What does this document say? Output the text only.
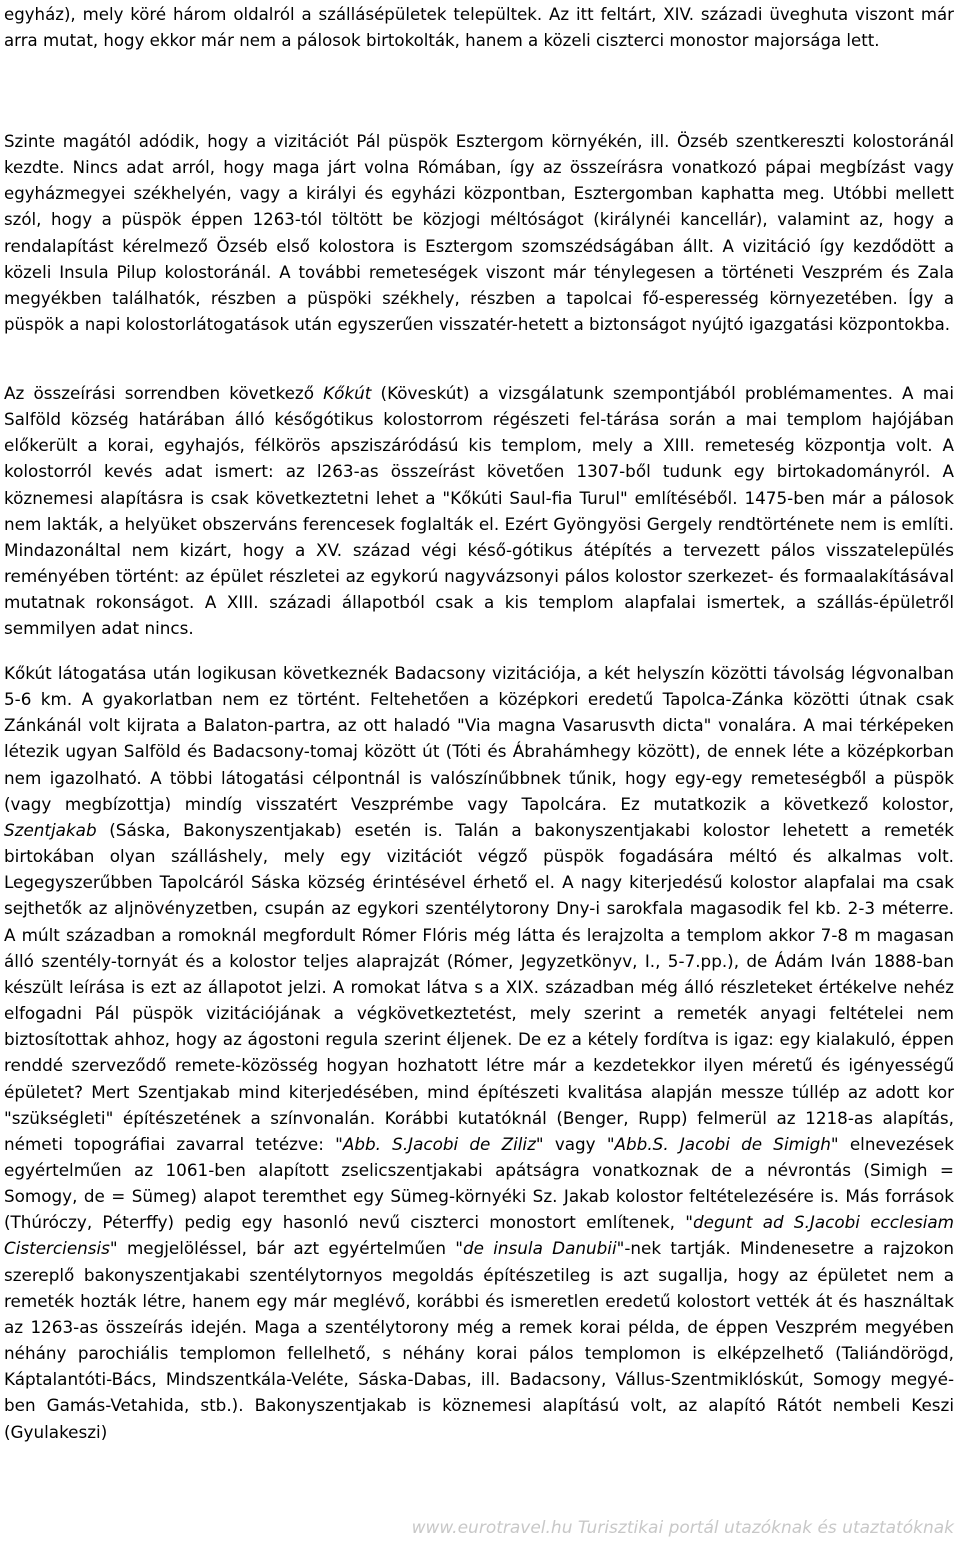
egyház), mely köré három oldalról a szállásépületek települtek. Az itt feltárt, XIV. századi üveghuta viszont már arra mutat, hogy ekkor már nem a pálosok birtokolták, hanem a közeli ciszterci monostor majorsága lett.

Szinte magától adódik, hogy a vizitációt Pál püspök Esztergom környékén, ill. Özséb szentkereszti kolostoránál kezdte. Nincs adat arról, hogy maga járt volna Rómában, így az összeírásra vonatkozó pápai megbízást vagy egyházmegyei székhelyén, vagy a királyi és egyházi központban, Esztergomban kaphatta meg. Utóbbi mellett szól, hogy a püspök éppen 1263-tól töltött be közjogi méltóságot (királynéi kancellár), valamint az, hogy a rendalapítást kérelmező Özséb első kolostora is Esztergom szomszédságában állt. A vizitáció így kezdődött a közeli Insula Pilup kolostoránál. A további remeteségek viszont már ténylegesen a történeti Veszprém és Zala megyékben találhatók, részben a püspöki székhely, részben a tapolcai fő-esperesség környezetében. Így a püspök a napi kolostorlátogatások után egyszerűen visszatér-hetett a biztonságot nyújtó igazgatási központokba.

Az összeírási sorrendben következő Kőkút (Köveskút) a vizsgálatunk szempontjából problémamentes. A mai Salföld község határában álló későgótikus kolostorrom régészeti fel-tárása során a mai templom hajójában előkerült a korai, egyhajós, félkörös apsziszáródású kis templom, mely a XIII. remeteség központja volt. A kolostorról kevés adat ismert: az l263-as összeírást követően 1307-ből tudunk egy birtokadományról. A köznemesi alapításra is csak következtetni lehet a "Kőkúti Saul-fia Turul" említéséből. 1475-ben már a pálosok nem lakták, a helyüket obszerváns ferencesek foglalták el. Ezért Gyöngyösi Gergely rendtörténete nem is említi. Mindazonáltal nem kizárt, hogy a XV. század végi késő-gótikus átépítés a tervezett pálos visszatelepülés reményében történt: az épület részletei az egykorú nagyvázsonyi pálos kolostor szerkezet- és formaalakításával mutatnak rokonságot. A XIII. századi állapotból csak a kis templom alapfalai ismertek, a szállás-épületről semmilyen adat nincs.

Kőkút látogatása után logikusan következnék Badacsony vizitációja, a két helyszín közötti távolság légvonalban 5-6 km. A gyakorlatban nem ez történt. Feltehetően a középkori eredetű Tapolca-Zánka közötti útnak csak Zánkánál volt kijrata a Balaton-partra, az ott haladó "Via magna Vasarusvth dicta" vonalára. A mai térképeken létezik ugyan Salföld és Badacsony-tomaj között út (Tóti és Ábrahámhegy között), de ennek léte a középkorban nem igazolható. A többi látogatási célpontnál is valószínűbbnek tűnik, hogy egy-egy remeteségből a püspök (vagy megbízottja) mindíg visszatért Veszprémbe vagy Tapolcára. Ez mutatkozik a következő kolostor, Szentjakab (Sáska, Bakonyszentjakab) esetén is. Talán a bakonyszentjakabi kolostor lehetett a remeték birtokában olyan szálláshely, mely egy vizitációt végző püspök fogadására méltó és alkalmas volt. Legegyszerűbben Tapolcáról Sáska község érintésével érhető el. A nagy kiterjedésű kolostor alapfalai ma csak sejthetők az aljnövényzetben, csupán az egykori szentélytorony Dny-i sarokfala magasodik fel kb. 2-3 méterre. A múlt században a romoknál megfordult Rómer Flóris még látta és lerajzolta a templom akkor 7-8 m magasan álló szentély-tornyát és a kolostor teljes alaprajzát (Rómer, Jegyzetkönyv, I., 5-7.pp.), de Ádám Iván 1888-ban készült leírása is ezt az állapotot jelzi. A romokat látva s a XIX. században még álló részleteket értékelve nehéz elfogadni Pál püspök vizitációjának a végkövetkeztetést, mely szerint a remeték anyagi feltételei nem biztosítottak ahhoz, hogy az ágostoni regula szerint éljenek. De ez a kétely fordítva is igaz: egy kialakuló, éppen renddé szerveződő remete-közösség hogyan hozhatott létre már a kezdetekkor ilyen méretű és igényességű épületet? Mert Szentjakab mind kiterjedésében, mind építészeti kvalitása alapján messze túllép az adott kor "szükségleti" építészetének a színvonalán. Korábbi kutatóknál (Benger, Rupp) felmerül az 1218-as alapítás, németi topográfiai zavarral tetézve: "Abb. S.Jacobi de Ziliz" vagy "Abb.S. Jacobi de Simigh" elnevezések egyértelműen az 1061-ben alapított zselicszentjakabi apátságra vonatkoznak de a névrontás (Simigh = Somogy, de = Sümeg) alapot teremthet egy Sümeg-környéki Sz. Jakab kolostor feltételezésére is. Más források (Thúróczy, Péterffy) pedig egy hasonló nevű ciszterci monostort említenek, "degunt ad S.Jacobi ecclesiam Cisterciensis" megjelöléssel, bár azt egyértelműen "de insula Danubii"-nek tartják. Mindenesetre a rajzokon szereplő bakonyszentjakabi szentélytornyos megoldás építészetileg is azt sugallja, hogy az épületet nem a remeték hozták létre, hanem egy már meglévő, korábbi és ismeretlen eredetű kolostort vették át és használtak az 1263-as összeírás idején. Maga a szentélytorony még a remek korai példa, de éppen Veszprém megyében néhány parochiális templomon fellelhető, s néhány korai pálos templomon is elképzelhető (Taliándörögd, Káptalantóti-Bács, Mindszentkála-Veléte, Sáska-Dabas, ill. Badacsony, Vállus-Szentmiklóskút, Somogy megyé-ben Gamás-Vetahida, stb.). Bakonyszentjakab is köznemesi alapítású volt, az alapító Rátót nembeli Keszi (Gyulakeszi)

www.eurotravel.hu Turisztikai portál utazóknak és utaztatóknak
